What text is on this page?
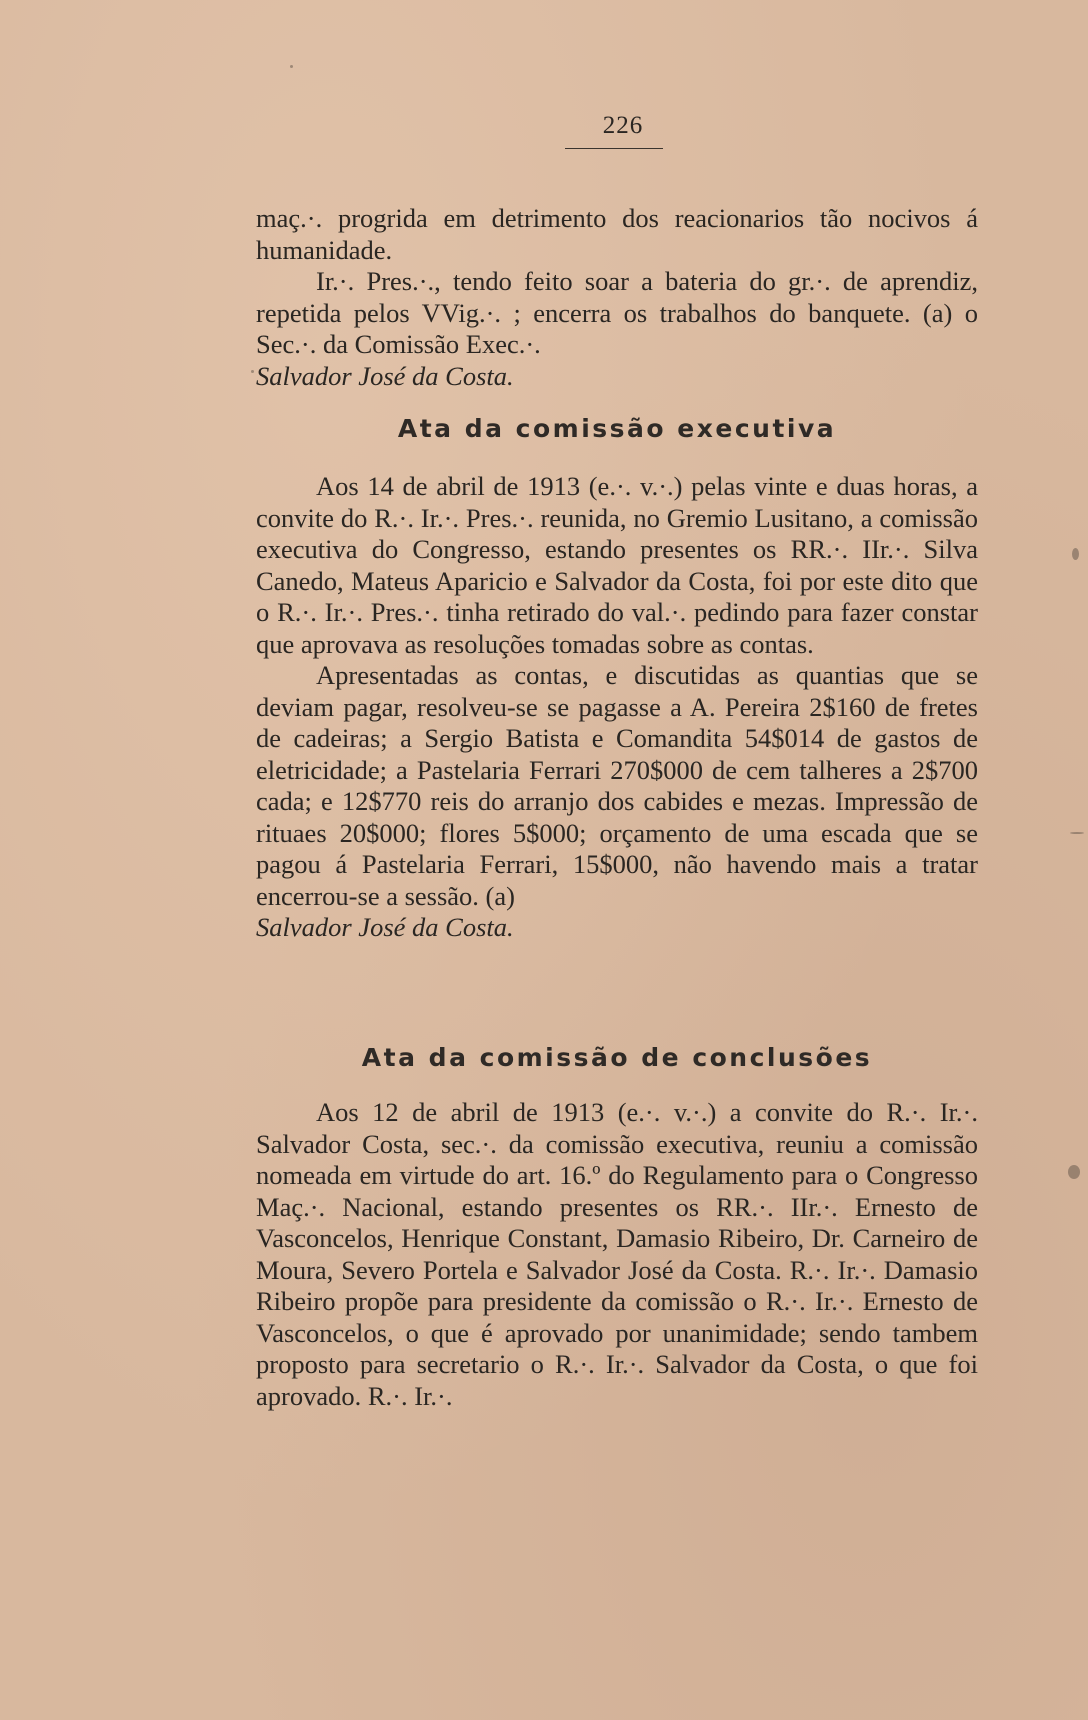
226

maç.·. progrida em detrimento dos reacionarios tão nocivos á humanidade.

Ir.·. Pres.·., tendo feito soar a bateria do gr.·. de aprendiz, repetida pelos VVig.·. ; encerra os trabalhos do banquete. (a) o Sec.·. da Comissão Exec.·.

Salvador José da Costa.

Ata da comissão executiva

Aos 14 de abril de 1913 (e.·. v.·.) pelas vinte e duas horas, a convite do R.·. Ir.·. Pres.·. reunida, no Gremio Lusitano, a comissão executiva do Congresso, estando presentes os RR.·. IIr.·. Silva Canedo, Mateus Aparicio e Salvador da Costa, foi por este dito que o R.·. Ir.·. Pres.·. tinha retirado do val.·. pedindo para fazer constar que aprovava as resoluções tomadas sobre as contas.

Apresentadas as contas, e discutidas as quantias que se deviam pagar, resolveu-se se pagasse a A. Pereira 2$160 de fretes de cadeiras; a Sergio Batista e Comandita 54$014 de gastos de eletricidade; a Pastelaria Ferrari 270$000 de cem talheres a 2$700 cada; e 12$770 reis do arranjo dos cabides e mezas. Impressão de rituaes 20$000; flores 5$000; orçamento de uma escada que se pagou á Pastelaria Ferrari, 15$000, não havendo mais a tratar encerrou-se a sessão. (a)

Salvador José da Costa.

Ata da comissão de conclusões

Aos 12 de abril de 1913 (e.·. v.·.) a convite do R.·. Ir.·. Salvador Costa, sec.·. da comissão executiva, reuniu a comissão nomeada em virtude do art. 16.º do Regulamento para o Congresso Maç.·. Nacional, estando presentes os RR.·. IIr.·. Ernesto de Vasconcelos, Henrique Constant, Damasio Ribeiro, Dr. Carneiro de Moura, Severo Portela e Salvador José da Costa. R.·. Ir.·. Damasio Ribeiro propõe para presidente da comissão o R.·. Ir.·. Ernesto de Vasconcelos, o que é aprovado por unanimidade; sendo tambem proposto para secretario o R.·. Ir.·. Salvador da Costa, o que foi aprovado. R.·. Ir.·.
